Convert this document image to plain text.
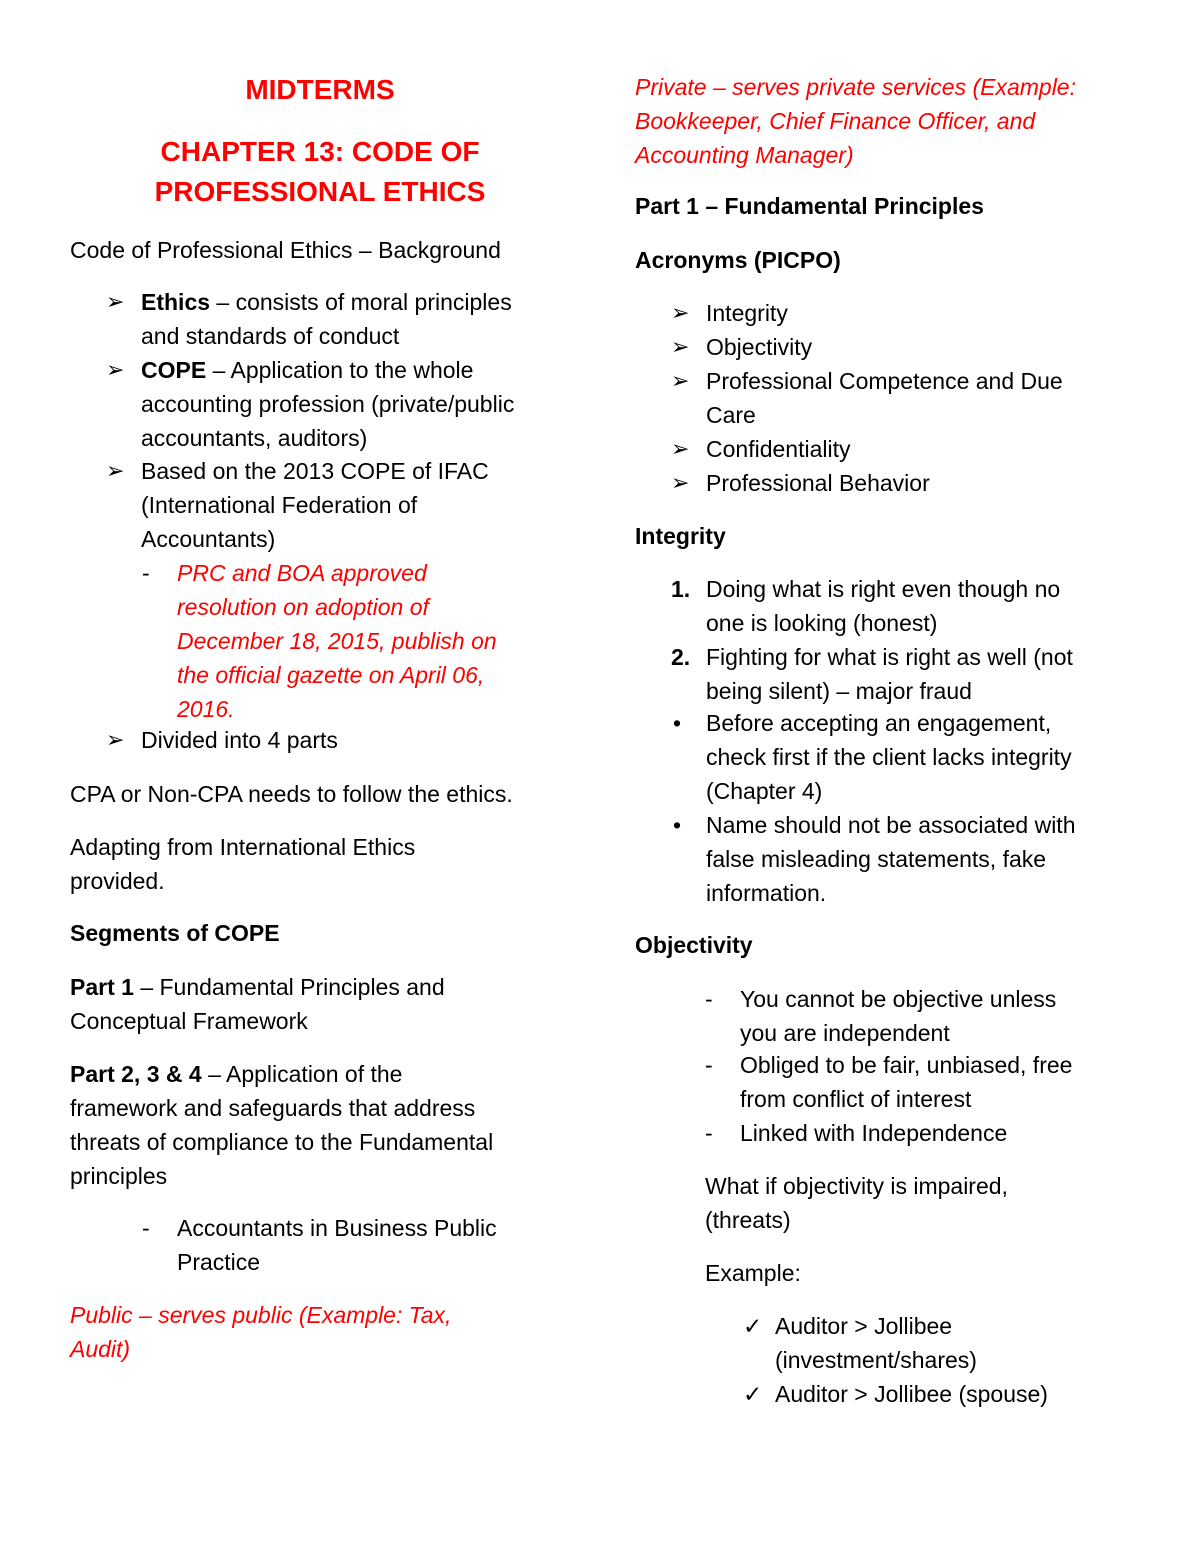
MIDTERMS
CHAPTER 13: CODE OF
PROFESSIONAL ETHICS
Code of Professional Ethics – Background
➢ Ethics – consists of moral principles
and standards of conduct
➢ COPE – Application to the whole
accounting profession (private/public
accountants, auditors)
➢ Based on the 2013 COPE of IFAC
(International Federation of
Accountants)
- PRC and BOA approved
resolution on adoption of
December 18, 2015, publish on
the official gazette on April 06,
2016.
➢ Divided into 4 parts
CPA or Non-CPA needs to follow the ethics.
Adapting from International Ethics
provided.
Segments of COPE
Part 1 – Fundamental Principles and
Conceptual Framework
Part 2, 3 & 4 – Application of the
framework and safeguards that address
threats of compliance to the Fundamental
principles
- Accountants in Business Public
Practice
Public – serves public (Example: Tax,
Audit)
Private – serves private services (Example:
Bookkeeper, Chief Finance Officer, and
Accounting Manager)
Part 1 – Fundamental Principles
Acronyms (PICPO)
➢ Integrity
➢ Objectivity
➢ Professional Competence and Due
Care
➢ Confidentiality
➢ Professional Behavior
Integrity
1. Doing what is right even though no
one is looking (honest)
2. Fighting for what is right as well (not
being silent) – major fraud
• Before accepting an engagement,
check first if the client lacks integrity
(Chapter 4)
• Name should not be associated with
false misleading statements, fake
information.
Objectivity
- You cannot be objective unless
you are independent
- Obliged to be fair, unbiased, free
from conflict of interest
-	Linked with Independence
What if objectivity is impaired,
(threats)
Example:
✓ Auditor > Jollibee
(investment/shares)
✓ Auditor > Jollibee (spouse)
